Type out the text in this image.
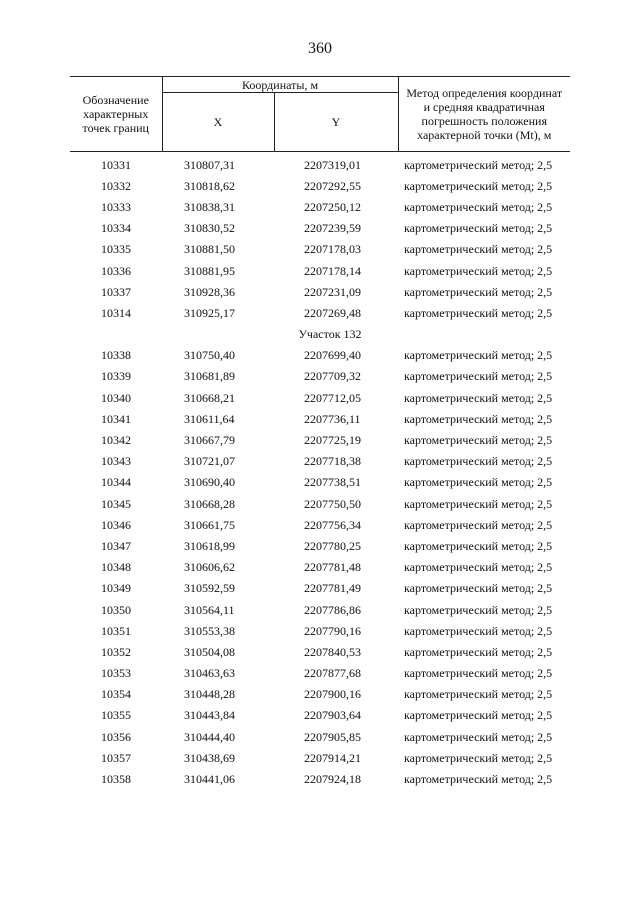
360
Обозначение характерных точек границ	Координаты, м		Метод определения координат и средняя квадратичная погрешность положения характерной точки (Mt), м
	X	Y	
10331	310807,31	2207319,01	картометрический метод; 2,5
10332	310818,62	2207292,55	картометрический метод; 2,5
10333	310838,31	2207250,12	картометрический метод; 2,5
10334	310830,52	2207239,59	картометрический метод; 2,5
10335	310881,50	2207178,03	картометрический метод; 2,5
10336	310881,95	2207178,14	картометрический метод; 2,5
10337	310928,36	2207231,09	картометрический метод; 2,5
10314	310925,17	2207269,48	картометрический метод; 2,5
Участок 132			
10338	310750,40	2207699,40	картометрический метод; 2,5
10339	310681,89	2207709,32	картометрический метод; 2,5
10340	310668,21	2207712,05	картометрический метод; 2,5
10341	310611,64	2207736,11	картометрический метод; 2,5
10342	310667,79	2207725,19	картометрический метод; 2,5
10343	310721,07	2207718,38	картометрический метод; 2,5
10344	310690,40	2207738,51	картометрический метод; 2,5
10345	310668,28	2207750,50	картометрический метод; 2,5
10346	310661,75	2207756,34	картометрический метод; 2,5
10347	310618,99	2207780,25	картометрический метод; 2,5
10348	310606,62	2207781,48	картометрический метод; 2,5
10349	310592,59	2207781,49	картометрический метод; 2,5
10350	310564,11	2207786,86	картометрический метод; 2,5
10351	310553,38	2207790,16	картометрический метод; 2,5
10352	310504,08	2207840,53	картометрический метод; 2,5
10353	310463,63	2207877,68	картометрический метод; 2,5
10354	310448,28	2207900,16	картометрический метод; 2,5
10355	310443,84	2207903,64	картометрический метод; 2,5
10356	310444,40	2207905,85	картометрический метод; 2,5
10357	310438,69	2207914,21	картометрический метод; 2,5
10358	310441,06	2207924,18	картометрический метод; 2,5
